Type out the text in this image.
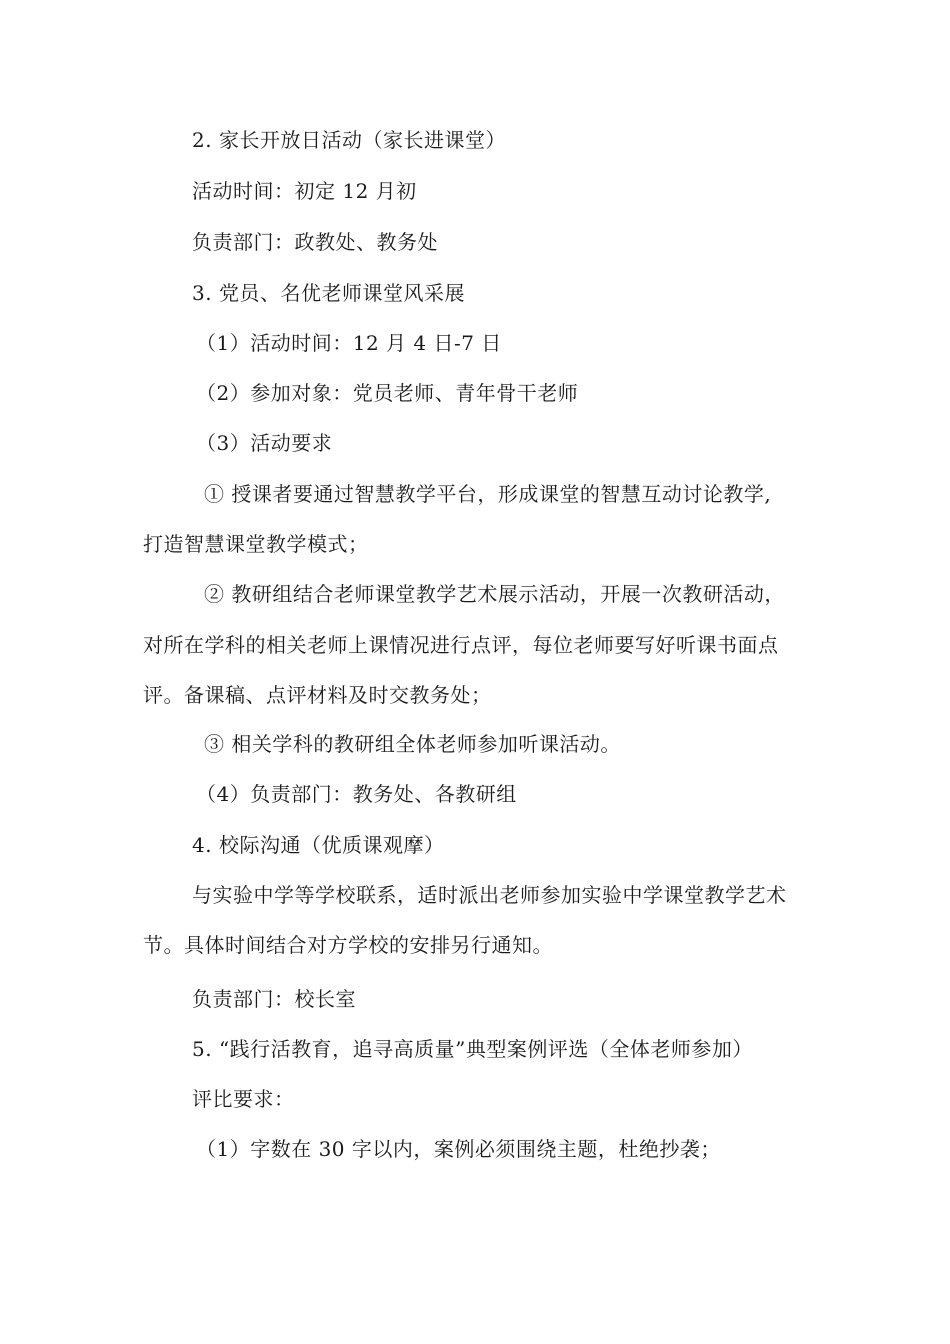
2. 家长开放日活动（家长进课堂）
活动时间：初定 12 月初
负责部门：政教处、教务处
3. 党员、名优老师课堂风采展
（1）活动时间：12 月 4 日-7 日
（2）参加对象：党员老师、青年骨干老师
（3）活动要求
① 授课者要通过智慧教学平台，形成课堂的智慧互动讨论教学,
打造智慧课堂教学模式；
② 教研组结合老师课堂教学艺术展示活动，开展一次教研活动，
对所在学科的相关老师上课情况进行点评，每位老师要写好听课书面点
评。备课稿、点评材料及时交教务处；
③ 相关学科的教研组全体老师参加听课活动。
（4）负责部门：教务处、各教研组
4. 校际沟通（优质课观摩）
与实验中学等学校联系，适时派出老师参加实验中学课堂教学艺术
节。具体时间结合对方学校的安排另行通知。
负责部门：校长室
5. “践行活教育，追寻高质量”典型案例评选（全体老师参加）
评比要求：
（1）字数在 30 字以内，案例必须围绕主题，杜绝抄袭；
